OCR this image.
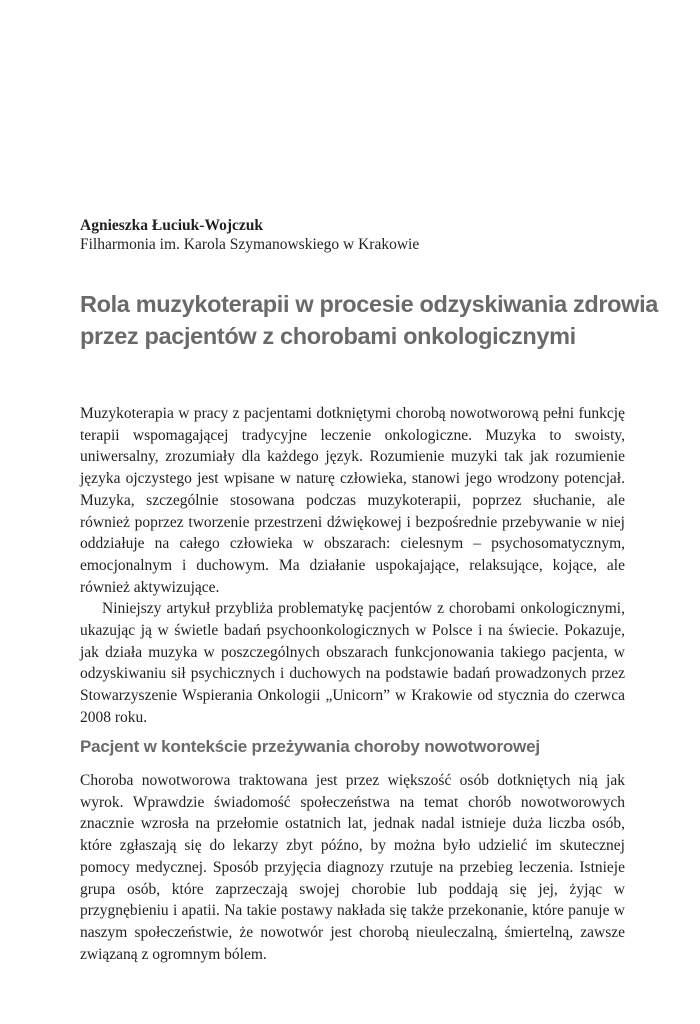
Agnieszka Łuciuk-Wojczuk

Filharmonia im. Karola Szymanowskiego w Krakowie

Rola muzykoterapii w procesie odzyskiwania zdrowia
przez pacjentów z chorobami onkologicznymi

Muzykoterapia w pracy z pacjentami dotkniętymi chorobą nowotworową pełni funkcję terapii wspomagającej tradycyjne leczenie onkologiczne. Muzyka to swoisty, uniwersalny, zrozumiały dla każdego język. Rozumienie muzyki tak jak rozumienie języka ojczystego jest wpisane w naturę człowieka, stanowi jego wrodzony potencjał. Muzyka, szczególnie stosowana podczas muzykoterapii, poprzez słuchanie, ale również poprzez tworzenie przestrzeni dźwiękowej i bezpośrednie przebywanie w niej oddziałuje na całego człowieka w obszarach: cielesnym – psychosomatycznym, emocjonalnym i duchowym. Ma działanie uspokajające, relaksujące, kojące, ale również aktywizujące.

Niniejszy artykuł przybliża problematykę pacjentów z chorobami onkologicznymi, ukazując ją w świetle badań psychoonkologicznych w Polsce i na świecie. Pokazuje, jak działa muzyka w poszczególnych obszarach funkcjonowania takiego pacjenta, w odzyskiwaniu sił psychicznych i duchowych na podstawie badań prowadzonych przez Stowarzyszenie Wspierania Onkologii „Unicorn” w Krakowie od stycznia do czerwca 2008 roku.

Pacjent w kontekście przeżywania choroby nowotworowej

Choroba nowotworowa traktowana jest przez większość osób dotkniętych nią jak wyrok. Wprawdzie świadomość społeczeństwa na temat chorób nowotworowych znacznie wzrosła na przełomie ostatnich lat, jednak nadal istnieje duża liczba osób, które zgłaszają się do lekarzy zbyt późno, by można było udzielić im skutecznej pomocy medycznej. Sposób przyjęcia diagnozy rzutuje na przebieg leczenia. Istnieje grupa osób, które zaprzeczają swojej chorobie lub poddają się jej, żyjąc w przygnębieniu i apatii. Na takie postawy nakłada się także przekonanie, które panuje w naszym społeczeństwie, że nowotwór jest chorobą nieuleczalną, śmiertelną, zawsze związaną z ogromnym bólem.
